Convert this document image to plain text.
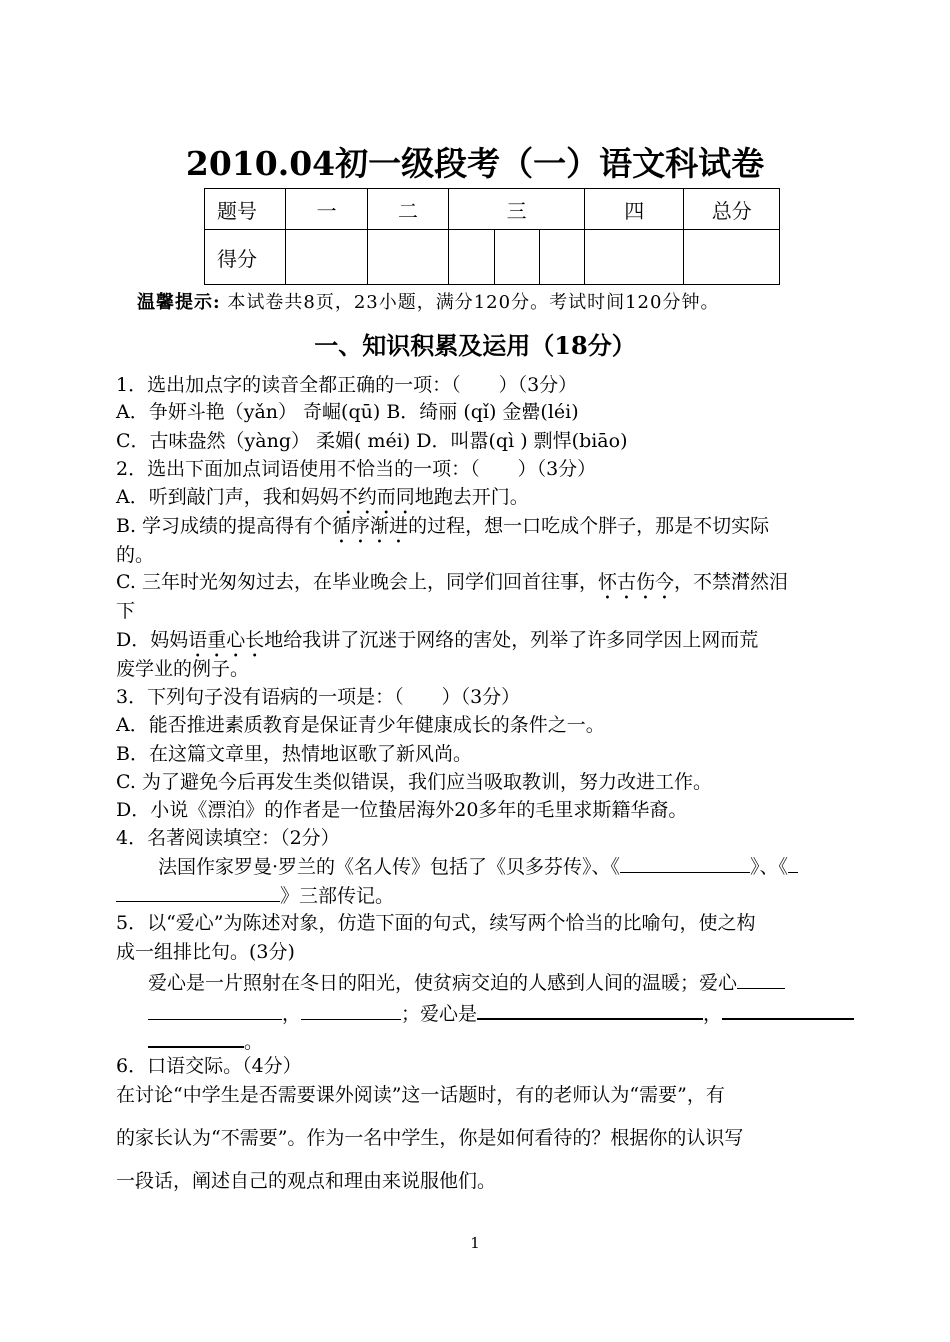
2010.04初一级段考（一）语文科试卷
题号	一	二	三			四	总分
得分							
温馨提示: 本试卷共8页，23小题，满分120分。考试时间120分钟。
一、知识积累及运用（18分）
1．选出加点字的读音全都正确的一项：（　　）（3分）
A．争妍斗艳（yǎn） 奇崛(qū) B．绮丽 (qǐ) 金罍(léi)
C．古味盎然（yàng） 柔媚( méi) D．叫嚣(qì ) 剽悍(biāo)
2．选出下面加点词语使用不恰当的一项：（　　）（3分）
A．听到敲门声，我和妈妈不约而同地跑去开门。
B. 学习成绩的提高得有个循序渐进的过程，想一口吃成个胖子，那是不切实际
的。
C. 三年时光匆匆过去，在毕业晚会上，同学们回首往事，怀古伤今，不禁潸然泪
下
D．妈妈语重心长地给我讲了沉迷于网络的害处，列举了许多同学因上网而荒
废学业的例子。
3．下列句子没有语病的一项是：（　　）（3分）
A．能否推进素质教育是保证青少年健康成长的条件之一。
B．在这篇文章里，热情地讴歌了新风尚。
C. 为了避免今后再发生类似错误，我们应当吸取教训，努力改进工作。
D．小说《漂泊》的作者是一位蛰居海外20多年的毛里求斯籍华裔。
4．名著阅读填空：（2分）
法国作家罗曼·罗兰的《名人传》包括了《贝多芬传》、《	》、《
》三部传记。
5．以“爱心”为陈述对象，仿造下面的句式，续写两个恰当的比喻句，使之构
成一组排比句。(3分)
爱心是一片照射在冬日的阳光，使贫病交迫的人感到人间的温暖；爱心
，	；爱心是	，
。
6．口语交际。（4分）
在讨论“中学生是否需要课外阅读”这一话题时，有的老师认为“需要”，有
的家长认为“不需要”。作为一名中学生，你是如何看待的？根据你的认识写
一段话，阐述自己的观点和理由来说服他们。
1
